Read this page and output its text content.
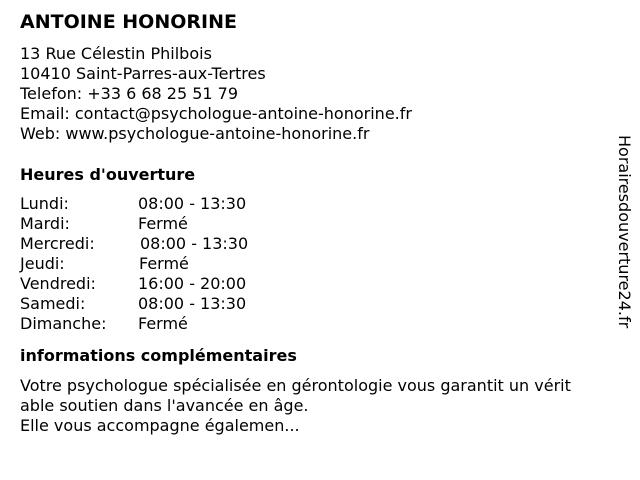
ANTOINE HONORINE
13 Rue Célestin Philbois
10410 Saint-Parres-aux-Tertres
Telefon: +33 6 68 25 51 79
Email: contact@psychologue-antoine-honorine.fr
Web: www.psychologue-antoine-honorine.fr
Heures d'ouverture
Lundi:	08:00 - 13:30
Mardi:	Fermé
Mercredi:	08:00 - 13:30
Jeudi:	Fermé
Vendredi:	16:00 - 20:00
Samedi:	08:00 - 13:30
Dimanche: Fermé
informations complémentaires
Votre psychologue spécialisée en gérontologie vous garantit un vérit
able soutien dans l'avancée en âge.
Elle vous accompagne égalemen...
Horairesdouverture24.fr
